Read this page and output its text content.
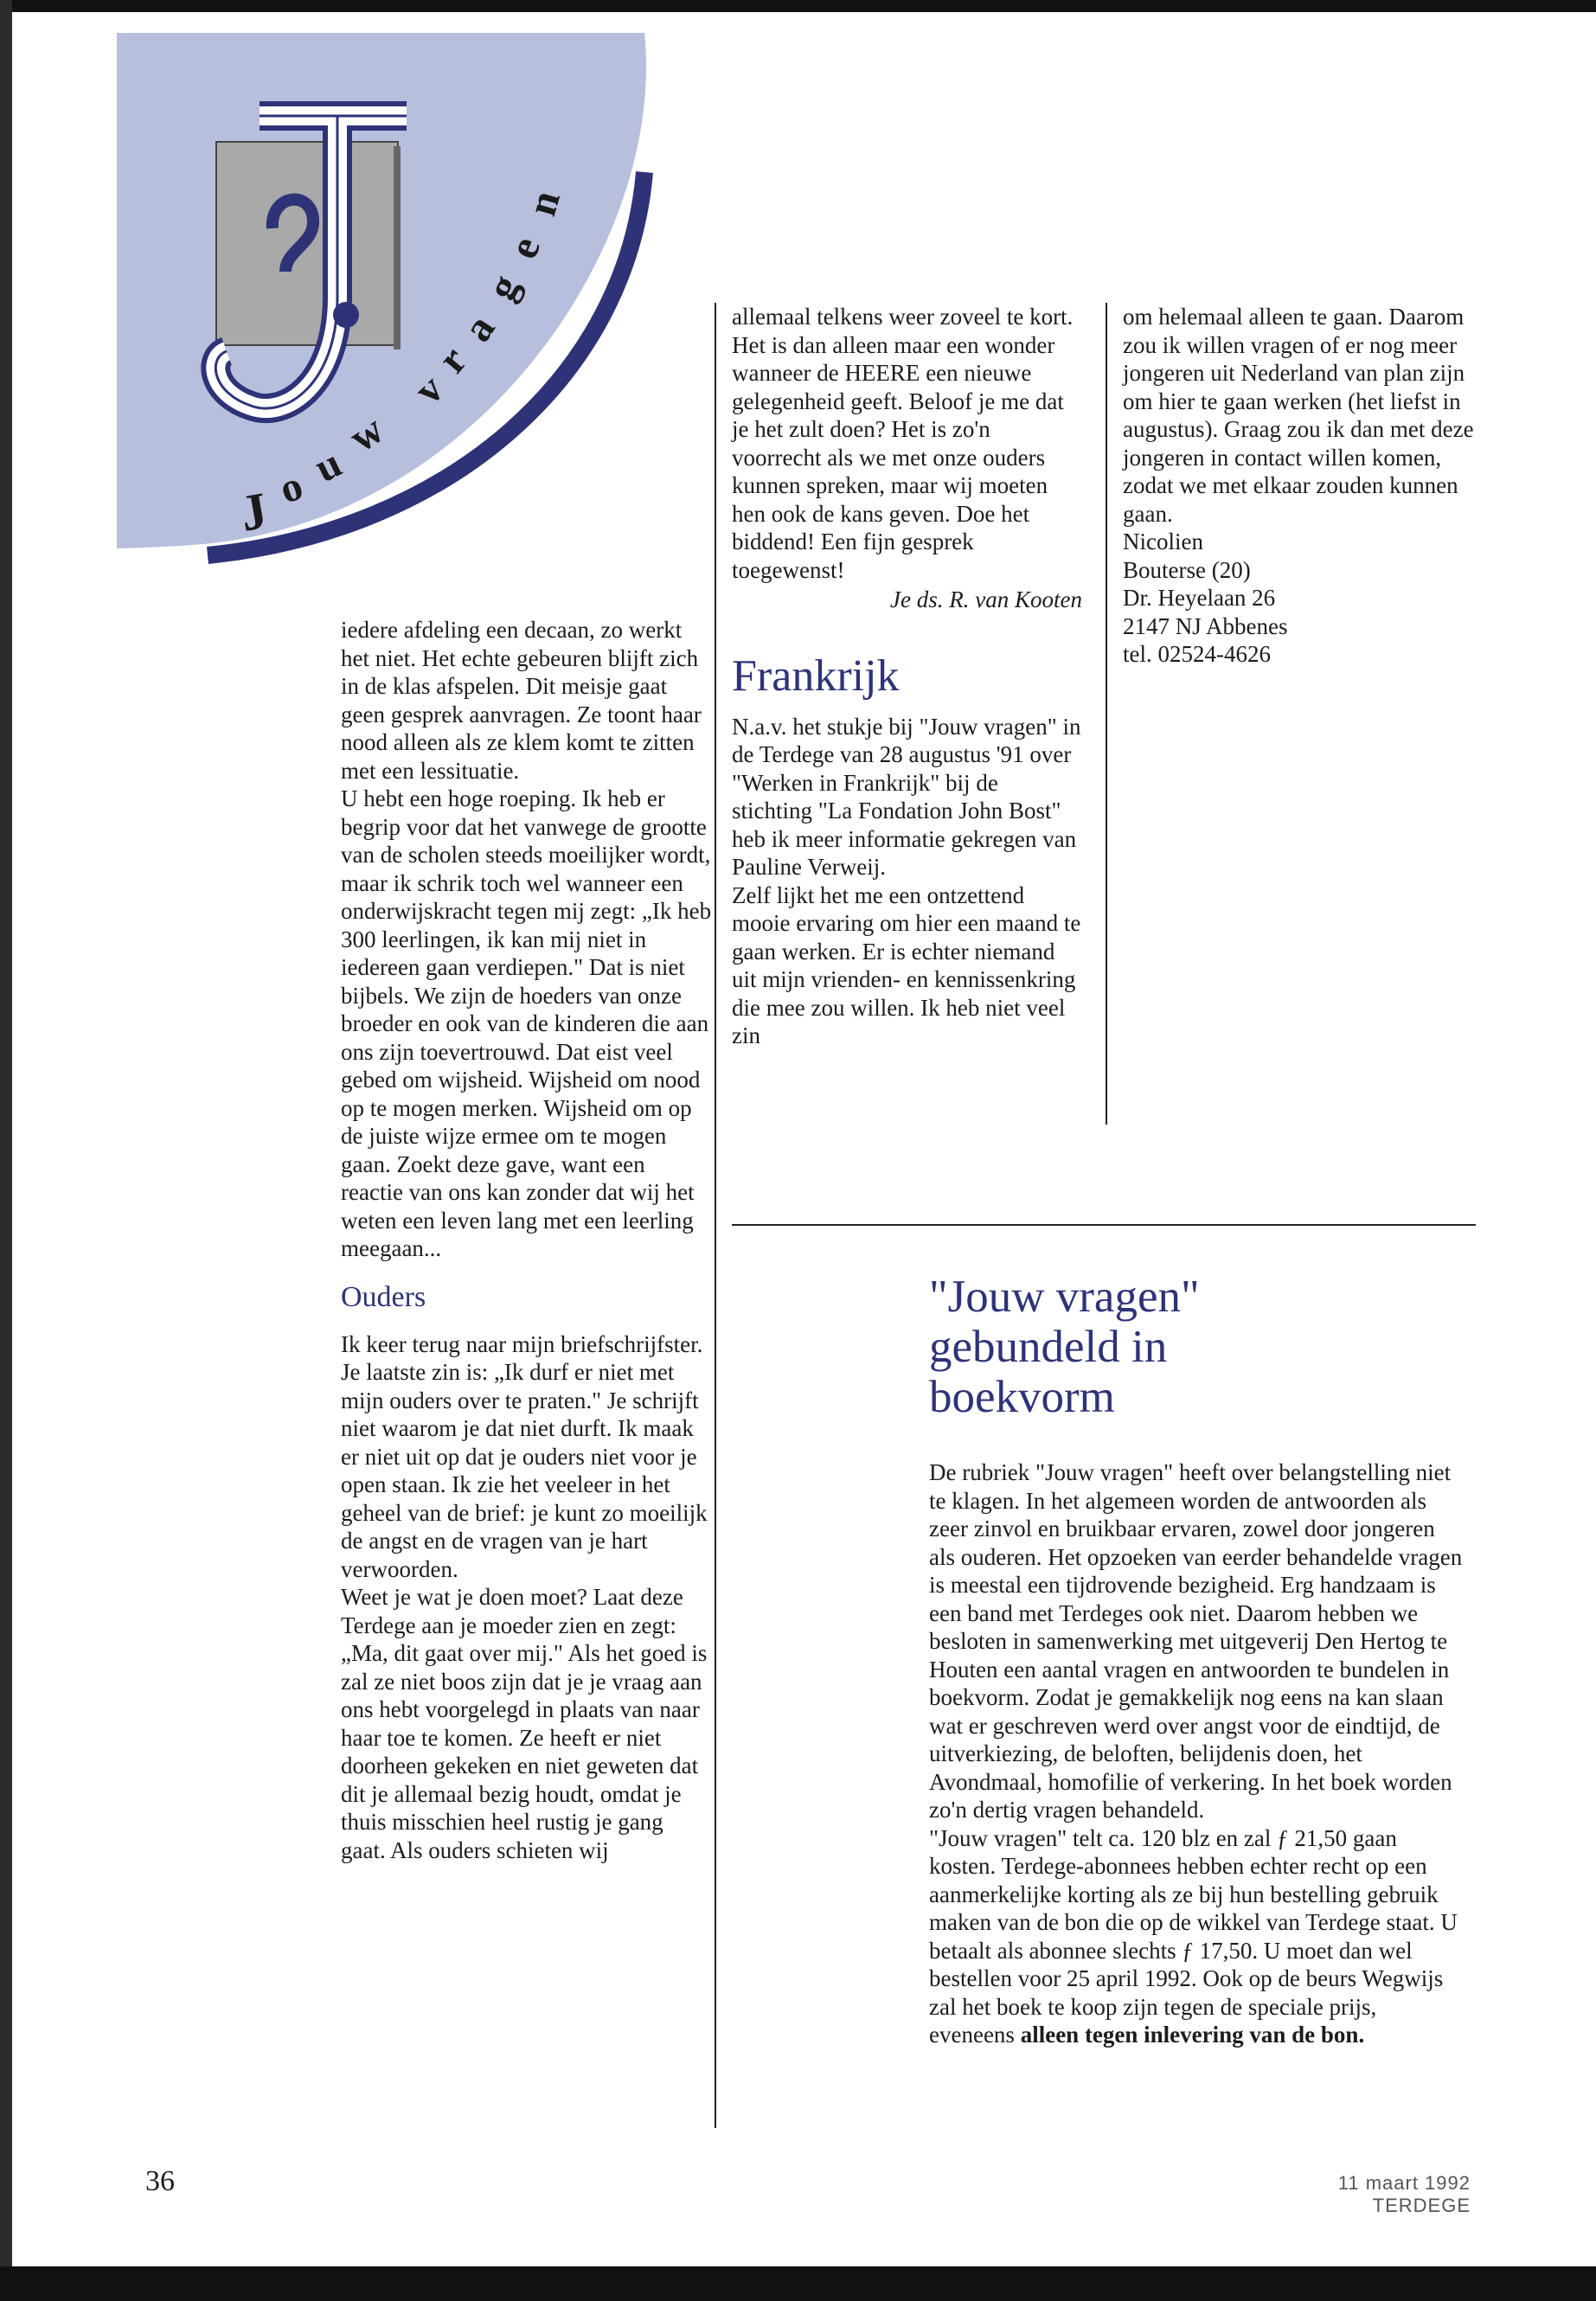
J o u
w
v
r
a
g
e
n

iedere afdeling een decaan, zo werkt het niet. Het echte gebeuren blijft zich in de klas afspelen. Dit meisje gaat geen gesprek aanvragen. Ze toont haar nood alleen als ze klem komt te zitten met een lessituatie.

U hebt een hoge roeping. Ik heb er begrip voor dat het vanwege de grootte van de scholen steeds moeilijker wordt, maar ik schrik toch wel wanneer een onderwijskracht tegen mij zegt: „Ik heb 300 leerlingen, ik kan mij niet in iedereen gaan verdiepen." Dat is niet bijbels. We zijn de hoeders van onze broeder en ook van de kinderen die aan ons zijn toevertrouwd. Dat eist veel gebed om wijsheid. Wijsheid om nood op te mogen merken. Wijsheid om op de juiste wijze ermee om te mogen gaan. Zoekt deze gave, want een reactie van ons kan zonder dat wij het weten een leven lang met een leerling meegaan...

Ouders

Ik keer terug naar mijn briefschrijfster. Je laatste zin is: „Ik durf er niet met mijn ouders over te praten." Je schrijft niet waarom je dat niet durft. Ik maak er niet uit op dat je ouders niet voor je open staan. Ik zie het veeleer in het geheel van de brief: je kunt zo moeilijk de angst en de vragen van je hart verwoorden.

Weet je wat je doen moet? Laat deze Terdege aan je moeder zien en zegt: „Ma, dit gaat over mij." Als het goed is zal ze niet boos zijn dat je je vraag aan ons hebt voorgelegd in plaats van naar haar toe te komen. Ze heeft er niet doorheen gekeken en niet geweten dat dit je allemaal bezig houdt, omdat je thuis misschien heel rustig je gang gaat. Als ouders schieten wij

allemaal telkens weer zoveel te kort. Het is dan alleen maar een wonder wanneer de HEERE een nieuwe gelegenheid geeft. Beloof je me dat je het zult doen? Het is zo'n voorrecht als we met onze ouders kunnen spreken, maar wij moeten hen ook de kans geven. Doe het biddend! Een fijn gesprek toegewenst!

Je ds. R. van Kooten

Frankrijk

N.a.v. het stukje bij "Jouw vragen" in de Terdege van 28 augustus '91 over "Werken in Frankrijk" bij de stichting "La Fondation John Bost" heb ik meer informatie gekregen van Pauline Verweij.

Zelf lijkt het me een ontzettend mooie ervaring om hier een maand te gaan werken. Er is echter niemand uit mijn vrienden- en kennissenkring die mee zou willen. Ik heb niet veel zin

om helemaal alleen te gaan. Daarom zou ik willen vragen of er nog meer jongeren uit Nederland van plan zijn om hier te gaan werken (het liefst in augustus). Graag zou ik dan met deze jongeren in contact willen komen, zodat we met elkaar zouden kunnen gaan.

Nicolien

Bouterse (20)

Dr. Heyelaan 26

2147 NJ Abbenes

tel. 02524-4626

"Jouw vragen"
gebundeld in
boekvorm

De rubriek "Jouw vragen" heeft over belangstelling niet te klagen. In het algemeen worden de antwoorden als zeer zinvol en bruikbaar ervaren, zowel door jongeren als ouderen. Het opzoeken van eerder behandelde vragen is meestal een tijdrovende bezigheid. Erg handzaam is een band met Terdeges ook niet. Daarom hebben we besloten in samenwerking met uitgeverij Den Hertog te Houten een aantal vragen en antwoorden te bundelen in boekvorm. Zodat je gemakkelijk nog eens na kan slaan wat er geschreven werd over angst voor de eindtijd, de uitverkiezing, de beloften, belijdenis doen, het Avondmaal, homofilie of verkering. In het boek worden zo'n dertig vragen behandeld.

"Jouw vragen" telt ca. 120 blz en zal ƒ 21,50 gaan kosten. Terdege-abonnees hebben echter recht op een aanmerkelijke korting als ze bij hun bestelling gebruik maken van de bon die op de wikkel van Terdege staat. U betaalt als abonnee slechts ƒ 17,50. U moet dan wel bestellen voor 25 april 1992. Ook op de beurs Wegwijs zal het boek te koop zijn tegen de speciale prijs, eveneens alleen tegen inlevering van de bon.

36	11 maart 1992 TERDEGE
